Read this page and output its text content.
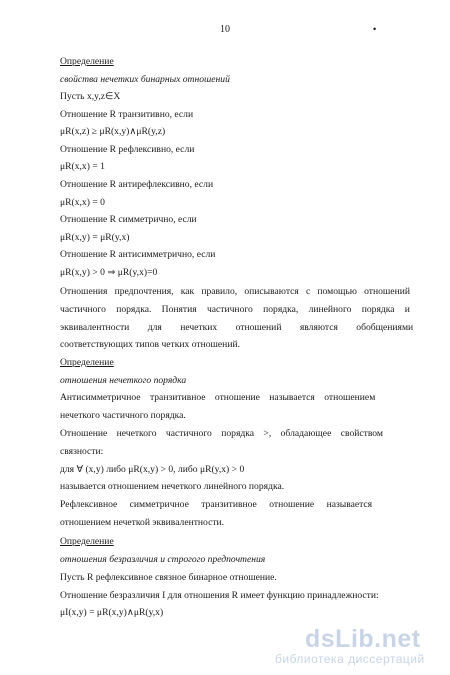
10	•
Определение
свойства нечетких бинарных отношений
Пусть x,y,z∈X
Отношение R транзитивно, если
μR(x,z) ≥ μR(x,y)∧μR(y,z)
Отношение R рефлексивно, если
μR(x,x) = 1
Отношение R антирефлексивно, если
μR(x,x) = 0
Отношение R симметрично, если
μR(x,y) = μR(y,x)
Отношение R антисимметрично, если
μR(x,y) > 0 ⇒ μR(y,x)=0
Отношения предпочтения, как правило, описываются с помощью отношений
частичного порядка. Понятия частичного порядка, линейного порядка и
эквивалентности для нечетких отношений являются обобщениями
соответствующих типов четких отношений.
Определение
отношения нечеткого порядка
Антисимметричное транзитивное отношение называется отношением
нечеткого частичного порядка.
Отношение нечеткого частичного порядка >, обладающее свойством
связности:
для ∀ (x,y) либо μR(x,y) > 0, либо μR(y,x) > 0
называется отношением нечеткого линейного порядка.
Рефлексивное симметричное транзитивное отношение называется
отношением нечеткой эквивалентности.
Определение
отношения безразличия и строгого предпочтения
Пусть R рефлексивное связное бинарное отношение.
Отношение безразличия I для отношения R имеет функцию принадлежности:
μI(x,y) = μR(x,y)∧μR(y,x)
dsLib.net
библиотека диссертаций
